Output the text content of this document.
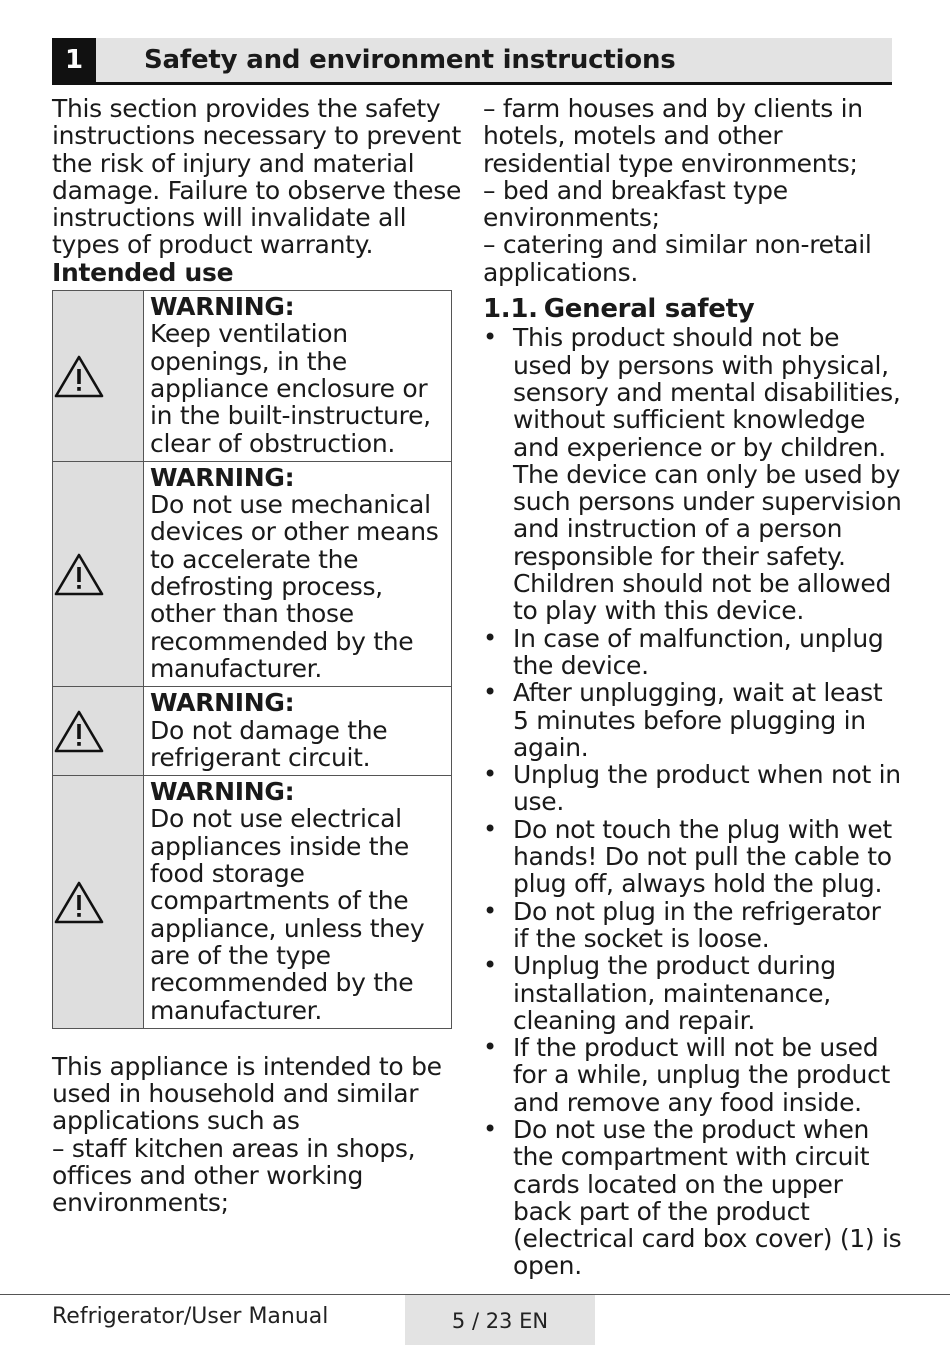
1	Safety and environment instructions

This section provides the safety instructions necessary to prevent the risk of injury and material damage. Failure to observe these instructions will invalidate all types of product warranty.

Intended use

WARNING:
Keep ventilation openings, in the appliance enclosure or in the built-instructure, clear of obstruction.

WARNING:
Do not use mechanical devices or other means to accelerate the defrosting process, other than those recommended by the manufacturer.

WARNING:
Do not damage the refrigerant circuit.

WARNING:
Do not use electrical appliances inside the food storage compartments of the appliance, unless they are of the type recommended by the manufacturer.

This appliance is intended to be used in household and similar applications such as

– staff kitchen areas in shops, offices and other working environments;

– farm houses and by clients in hotels, motels and other residential type environments;

– bed and breakfast type environments;

– catering and similar non-retail applications.

1.1. General safety
• This product should not be used by persons with physical, sensory and mental disabilities, without sufficient knowledge and experience or by children. The device can only be used by such persons under supervision and instruction of a person responsible for their safety. Children should not be allowed to play with this device.
• In case of malfunction, unplug the device.
• After unplugging, wait at least 5 minutes before plugging in again.
• Unplug the product when not in use.
• Do not touch the plug with wet hands! Do not pull the cable to plug off, always hold the plug.
• Do not plug in the refrigerator if the socket is loose.
• Unplug the product during installation, maintenance, cleaning and repair.
• If the product will not be used for a while, unplug the product and remove any food inside.
• Do not use the product when the compartment with circuit cards located on the upper back part of the product (electrical card box cover) (1) is open.
Refrigerator/User Manual	5 / 23 EN
